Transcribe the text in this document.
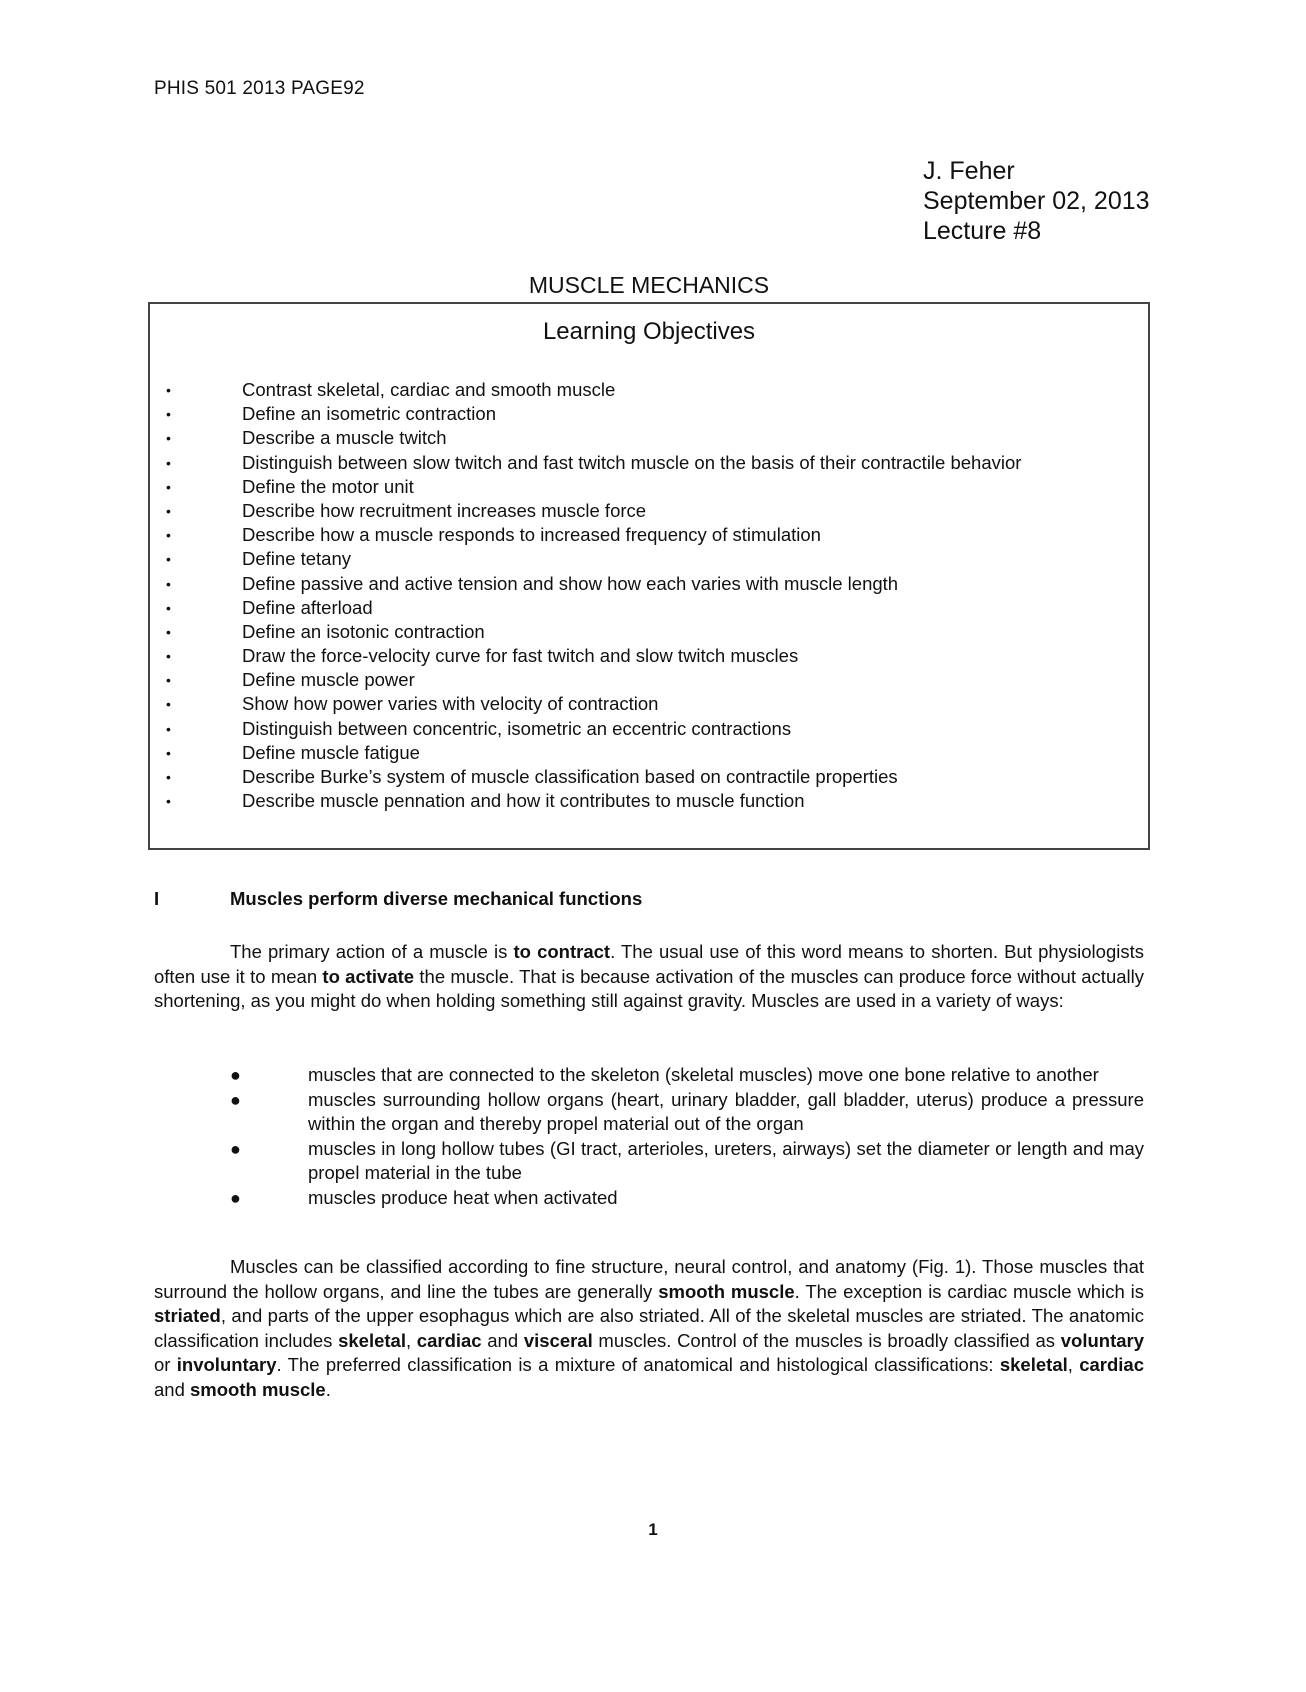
PHIS 501 2013 PAGE92
J. Feher
September 02, 2013
Lecture #8
MUSCLE MECHANICS
Learning Objectives
•	Contrast skeletal, cardiac and smooth muscle
•	Define an isometric contraction
•	Describe a muscle twitch
•	Distinguish between slow twitch and fast twitch muscle on the basis of their contractile behavior
•	Define the motor unit
•	Describe how recruitment increases muscle force
•	Describe how a muscle responds to increased frequency of stimulation
•	Define tetany
•	Define passive and active tension and show how each varies with muscle length
•	Define afterload
•	Define an isotonic contraction
•	Draw the force-velocity curve for fast twitch and slow twitch muscles
•	Define muscle power
•	Show how power varies with velocity of contraction
•	Distinguish between concentric, isometric an eccentric contractions
•	Define muscle fatigue
•	Describe Burke’s system of muscle classification based on contractile properties
•	Describe muscle pennation and how it contributes to muscle function
I	Muscles perform diverse mechanical functions

The primary action of a muscle is to contract. The usual use of this word means to shorten. But physiologists often use it to mean to activate the muscle. That is because activation of the muscles can produce force without actually shortening, as you might do when holding something still against gravity. Muscles are used in a variety of ways:

●	muscles that are connected to the skeleton (skeletal muscles) move one bone relative to another
●	muscles surrounding hollow organs (heart, urinary bladder, gall bladder, uterus) produce a pressure within the organ and thereby propel material out of the organ
●	muscles in long hollow tubes (GI tract, arterioles, ureters, airways) set the diameter or length and may propel material in the tube
●	muscles produce heat when activated

Muscles can be classified according to fine structure, neural control, and anatomy (Fig. 1). Those muscles that surround the hollow organs, and line the tubes are generally smooth muscle. The exception is cardiac muscle which is striated, and parts of the upper esophagus which are also striated. All of the skeletal muscles are striated. The anatomic classification includes skeletal, cardiac and visceral muscles. Control of the muscles is broadly classified as voluntary or involuntary. The preferred classification is a mixture of anatomical and histological classifications: skeletal, cardiac and smooth muscle.

1
